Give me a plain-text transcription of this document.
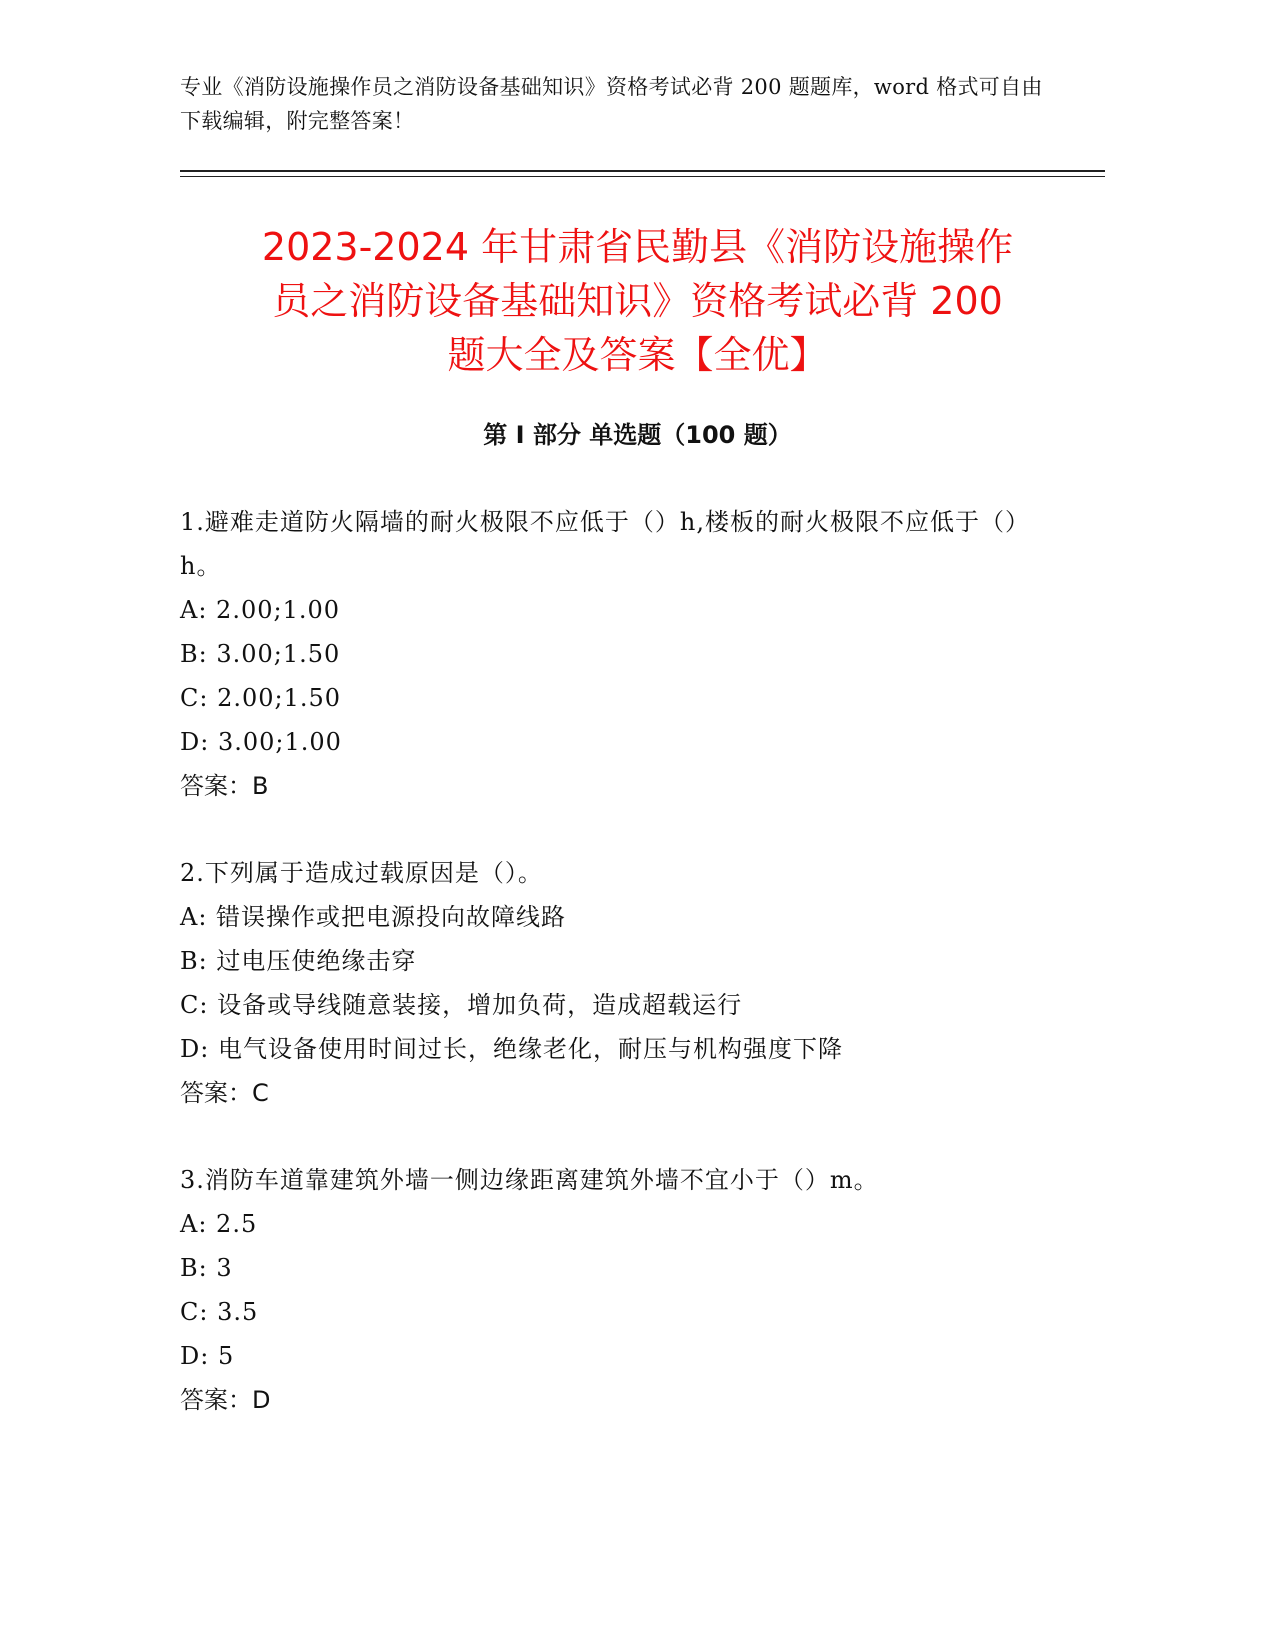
专业《消防设施操作员之消防设备基础知识》资格考试必背 200 题题库，word 格式可自由下载编辑，附完整答案！
2023-2024 年甘肃省民勤县《消防设施操作
员之消防设备基础知识》资格考试必背 200
题大全及答案【全优】
第 I 部分 单选题（100 题）
1.避难走道防火隔墙的耐火极限不应低于（）h,楼板的耐火极限不应低于（）h。
A: 2.00;1.00
B: 3.00;1.50
C: 2.00;1.50
D: 3.00;1.00
答案：B
2.下列属于造成过载原因是（）。
A: 错误操作或把电源投向故障线路
B: 过电压使绝缘击穿
C: 设备或导线随意装接，增加负荷，造成超载运行
D: 电气设备使用时间过长，绝缘老化，耐压与机构强度下降
答案：C
3.消防车道靠建筑外墙一侧边缘距离建筑外墙不宜小于（）m。
A: 2.5
B: 3
C: 3.5
D: 5
答案：D
